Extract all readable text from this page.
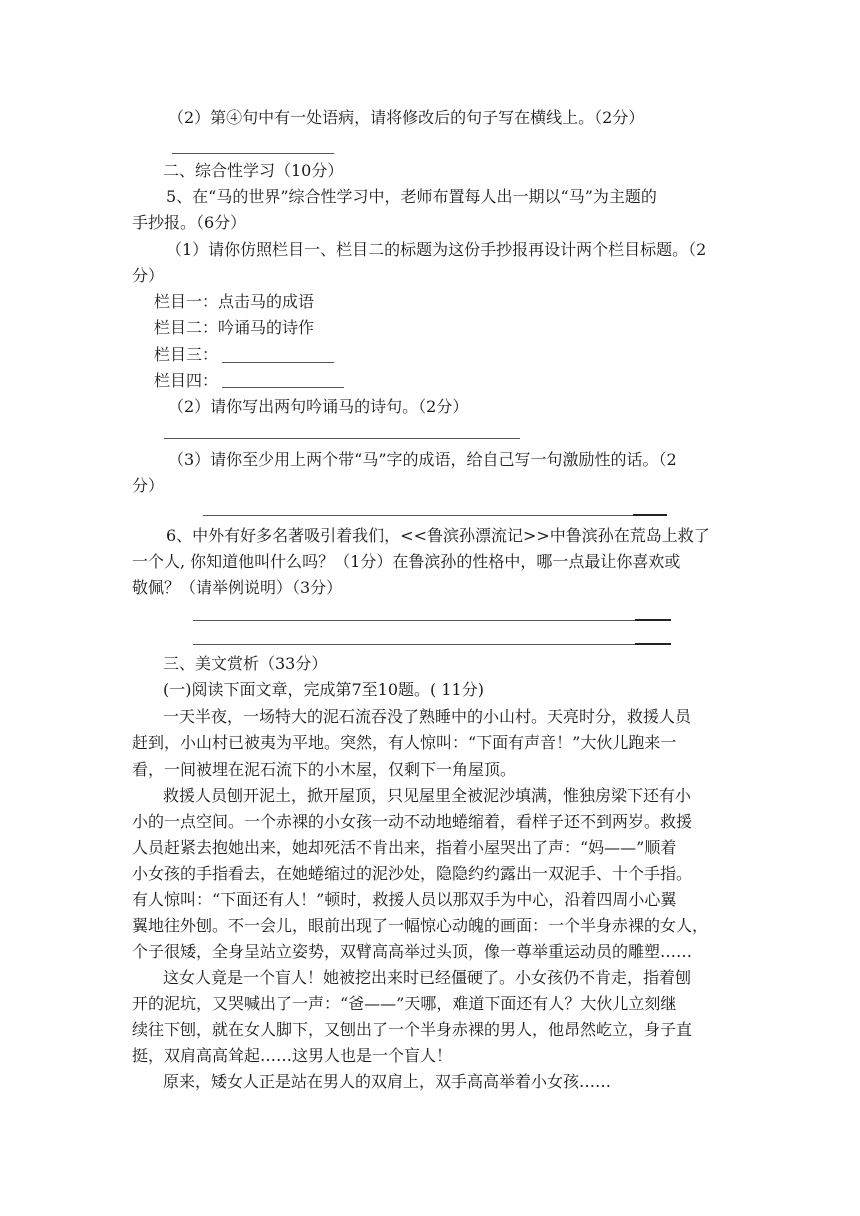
（2）第④句中有一处语病，请将修改后的句子写在横线上。（2分）
二、综合性学习（10分）
5、在“马的世界”综合性学习中，老师布置每人出一期以“马”为主题的
手抄报。（6分）
（1）请你仿照栏目一、栏目二的标题为这份手抄报再设计两个栏目标题。（2
分）
栏目一：点击马的成语
栏目二：吟诵马的诗作
栏目三：
栏目四：
（2）请你写出两句吟诵马的诗句。（2分）
（3）请你至少用上两个带“马”字的成语，给自己写一句激励性的话。（2
分）
6、中外有好多名著吸引着我们，<<鲁滨孙漂流记>>中鲁滨孙在荒岛上救了
一个人, 你知道他叫什么吗？（1分）在鲁滨孙的性格中，哪一点最让你喜欢或
敬佩？（请举例说明）（3分）
三、美文赏析（33分）
(一)阅读下面文章，完成第7至10题。( 11分)
一天半夜，一场特大的泥石流吞没了熟睡中的小山村。天亮时分，救援人员
赶到，小山村已被夷为平地。突然，有人惊叫：“下面有声音！”大伙儿跑来一
看，一间被埋在泥石流下的小木屋，仅剩下一角屋顶。
救援人员刨开泥土，掀开屋顶，只见屋里全被泥沙填满，惟独房梁下还有小
小的一点空间。一个赤裸的小女孩一动不动地蜷缩着，看样子还不到两岁。救援
人员赶紧去抱她出来，她却死活不肯出来，指着小屋哭出了声：“妈——”顺着
小女孩的手指看去，在她蜷缩过的泥沙处，隐隐约约露出一双泥手、十个手指。
有人惊叫：“下面还有人！”顿时，救援人员以那双手为中心，沿着四周小心翼
翼地往外刨。不一会儿，眼前出现了一幅惊心动魄的画面：一个半身赤裸的女人，
个子很矮，全身呈站立姿势，双臂高高举过头顶，像一尊举重运动员的雕塑……
这女人竟是一个盲人！她被挖出来时已经僵硬了。小女孩仍不肯走，指着刨
开的泥坑，又哭喊出了一声：“爸——”天哪，难道下面还有人？大伙儿立刻继
续往下刨，就在女人脚下，又刨出了一个半身赤裸的男人，他昂然屹立，身子直
挺，双肩高高耸起……这男人也是一个盲人！
原来，矮女人正是站在男人的双肩上，双手高高举着小女孩……
